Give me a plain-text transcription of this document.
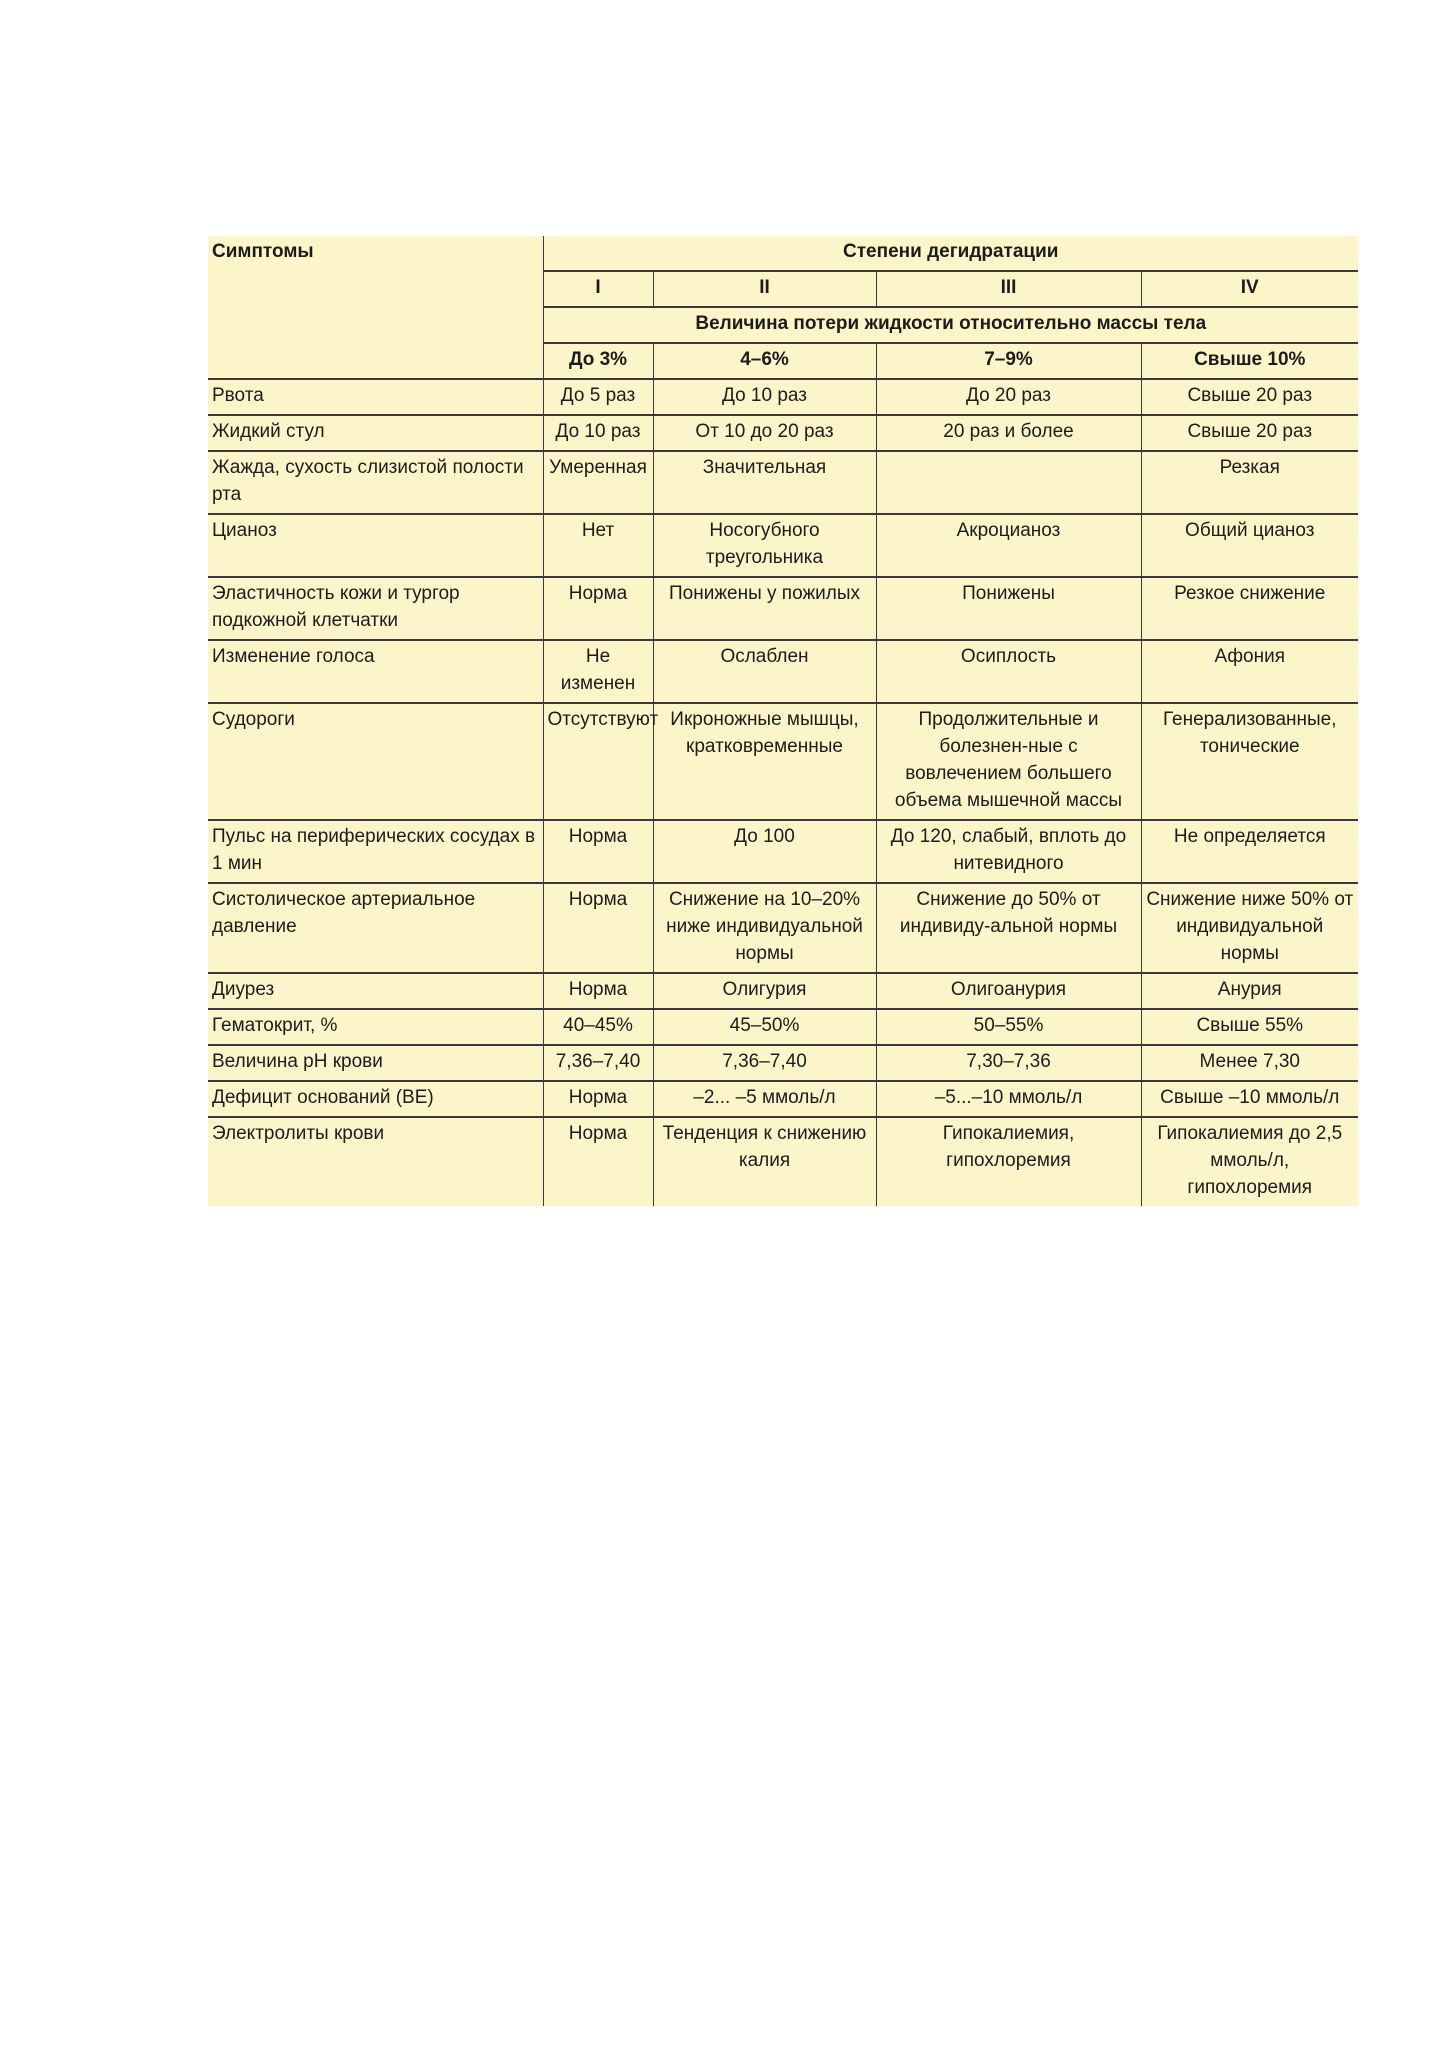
Симптомы	Степени дегидратации			
	I	II	III	IV
	Величина потери жидкости относительно массы тела			
	До 3%	4–6%	7–9%	Свыше 10%
Рвота	До 5 раз	До 10 раз	До 20 раз	Свыше 20 раз
Жидкий стул	До 10 раз	От 10 до 20 раз	20 раз и более	Свыше 20 раз
Жажда, сухость слизистой полости рта	Умеренная	Значительная		Резкая
Цианоз	Нет	Носогубного треугольника	Акроцианоз	Общий цианоз
Эластичность кожи и тургор подкожной клетчатки	Норма	Понижены у пожилых	Понижены	Резкое снижение
Изменение голоса	Не изменен	Ослаблен	Осиплость	Афония
Судороги	Отсутствуют	Икроножные мышцы, кратковременные	Продолжительные и болезнен-ные с вовлечением большего объема мышечной массы	Генерализованные, тонические
Пульс на периферических сосудах в 1 мин	Норма	До 100	До 120, слабый, вплоть до нитевидного	Не определяется
Систолическое артериальное давление	Норма	Снижение на 10–20% ниже индивидуальной нормы	Снижение до 50% от индивиду-альной нормы	Снижение ниже 50% от индивидуальной нормы
Диурез	Норма	Олигурия	Олигоанурия	Анурия
Гематокрит, %	40–45%	45–50%	50–55%	Свыше 55%
Величина рН крови	7,36–7,40	7,36–7,40	7,30–7,36	Менее 7,30
Дефицит оснований (ВЕ)	Норма	–2... –5 ммоль/л	–5...–10 ммоль/л	Свыше –10 ммоль/л
Электролиты крови	Норма	Тенденция к снижению калия	Гипокалиемия, гипохлоремия	Гипокалиемия до 2,5 ммоль/л, гипохлоремия
